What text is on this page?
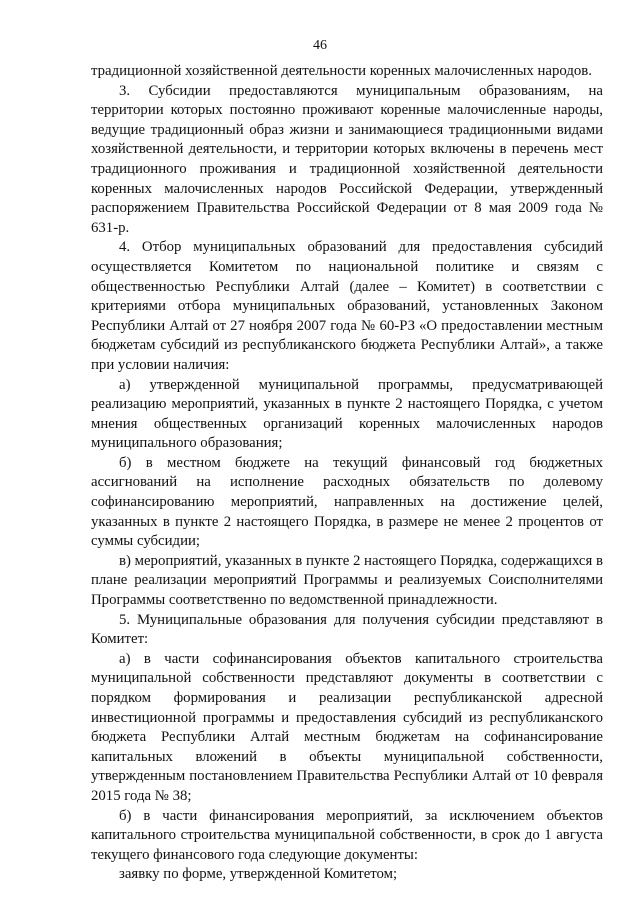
46

традиционной хозяйственной деятельности коренных малочисленных народов.

3. Субсидии предоставляются муниципальным образованиям, на территории которых постоянно проживают коренные малочисленные народы, ведущие традиционный образ жизни и занимающиеся традиционными видами хозяйственной деятельности, и территории которых включены в перечень мест традиционного проживания и традиционной хозяйственной деятельности коренных малочисленных народов Российской Федерации, утвержденный распоряжением Правительства Российской Федерации от 8 мая 2009 года № 631-р.

4. Отбор муниципальных образований для предоставления субсидий осуществляется Комитетом по национальной политике и связям с общественностью Республики Алтай (далее – Комитет) в соответствии с критериями отбора муниципальных образований, установленных Законом Республики Алтай от 27 ноября 2007 года № 60-РЗ «О предоставлении местным бюджетам субсидий из республиканского бюджета Республики Алтай», а также при условии наличия:

а) утвержденной муниципальной программы, предусматривающей реализацию мероприятий, указанных в пункте 2 настоящего Порядка, с учетом мнения общественных организаций коренных малочисленных народов муниципального образования;

б) в местном бюджете на текущий финансовый год бюджетных ассигнований на исполнение расходных обязательств по долевому софинансированию мероприятий, направленных на достижение целей, указанных в пункте 2 настоящего Порядка, в размере не менее 2 процентов от суммы субсидии;

в) мероприятий, указанных в пункте 2 настоящего Порядка, содержащихся в плане реализации мероприятий Программы и реализуемых Соисполнителями Программы соответственно по ведомственной принадлежности.

5. Муниципальные образования для получения субсидии представляют в Комитет:

а) в части софинансирования объектов капитального строительства муниципальной собственности представляют документы в соответствии с порядком формирования и реализации республиканской адресной инвестиционной программы и предоставления субсидий из республиканского бюджета Республики Алтай местным бюджетам на софинансирование капитальных вложений в объекты муниципальной собственности, утвержденным постановлением Правительства Республики Алтай от 10 февраля 2015 года № 38;

б) в части финансирования мероприятий, за исключением объектов капитального строительства муниципальной собственности, в срок до 1 августа текущего финансового года следующие документы:

заявку по форме, утвержденной Комитетом;
